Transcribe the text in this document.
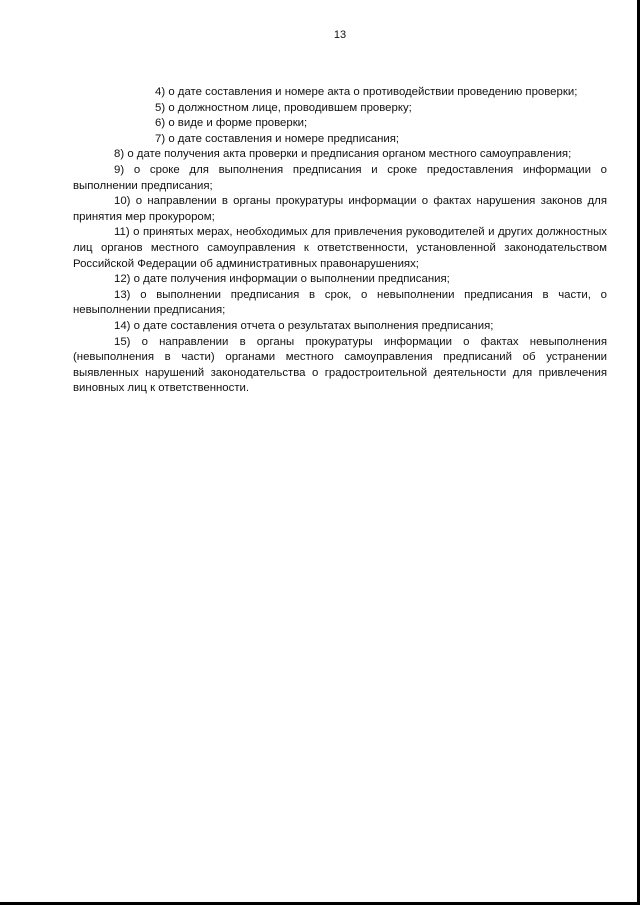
13

4) о дате составления и номере акта о противодействии проведению проверки;

5) о должностном лице, проводившем проверку;

6) о виде и форме проверки;

7) о дате составления и номере предписания;

8) о дате получения акта проверки и предписания органом местного самоуправления;

9) о сроке для выполнения предписания и сроке предоставления информации о выполнении предписания;

10) о направлении в органы прокуратуры информации о фактах нарушения законов для принятия мер прокурором;

11) о принятых мерах, необходимых для привлечения руководителей и других должностных лиц органов местного самоуправления к ответственности, установленной законодательством Российской Федерации об административных правонарушениях;

12) о дате получения информации о выполнении предписания;

13) о выполнении предписания в срок, о невыполнении предписания в части, о невыполнении предписания;

14) о дате составления отчета о результатах выполнения предписания;

15) о направлении в органы прокуратуры информации о фактах невыполнения (невыполнения в части) органами местного самоуправления предписаний об устранении выявленных нарушений законодательства о градостроительной деятельности для привлечения виновных лиц к ответственности.
